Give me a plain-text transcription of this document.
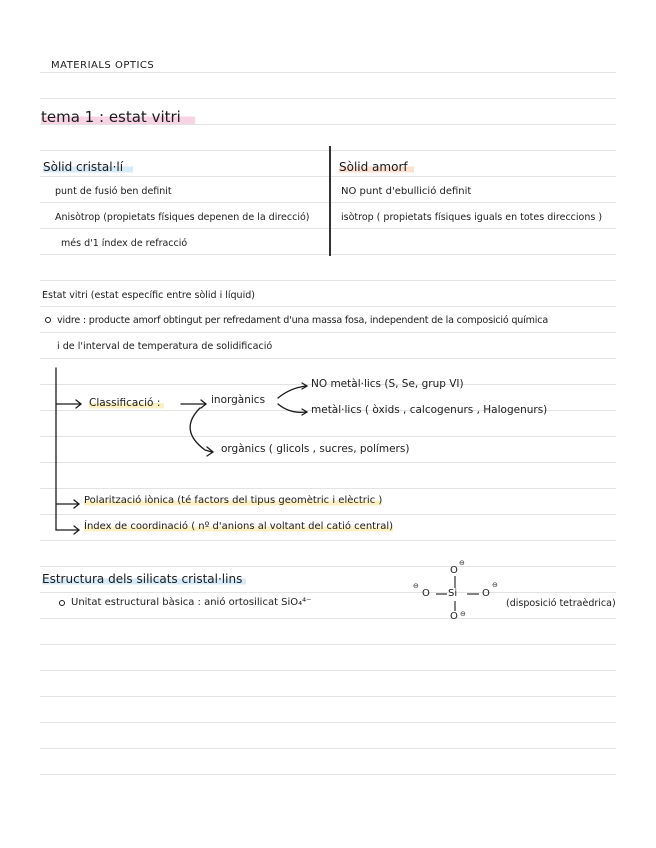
MATERIALS OPTICS
tema 1 : estat vitri
Sòlid cristal·lí
punt de fusió ben definit
Anisòtrop (propietats físiques depenen de la direcció)
més d'1 índex de refracció
Sòlid amorf
NO punt d'ebullició definit
isòtrop ( propietats físiques iguals en totes direccions )
Estat vitri (estat específic entre sòlid i líquid)
vidre : producte amorf obtingut per refredament d'una massa fosa, independent de la composició química
i de l'interval de temperatura de solidificació
Classificació :	inorgànics
NO metàl·lics (S, Se, grup VI)
metàl·lics ( òxids , calcogenurs , Halogenurs)
orgànics ( glicols , sucres, polímers)
Polarització iònica (té factors del tipus geomètric i elèctric )
Índex de coordinació ( nº d'anions al voltant del catió central)
Estructura dels silicats cristal·lins
Unitat estructural bàsica : anió ortosilicat SiO₄⁴⁻
O
⊖
O
⊖
Si O
⊖
O ⊖
(disposició tetraèdrica)
